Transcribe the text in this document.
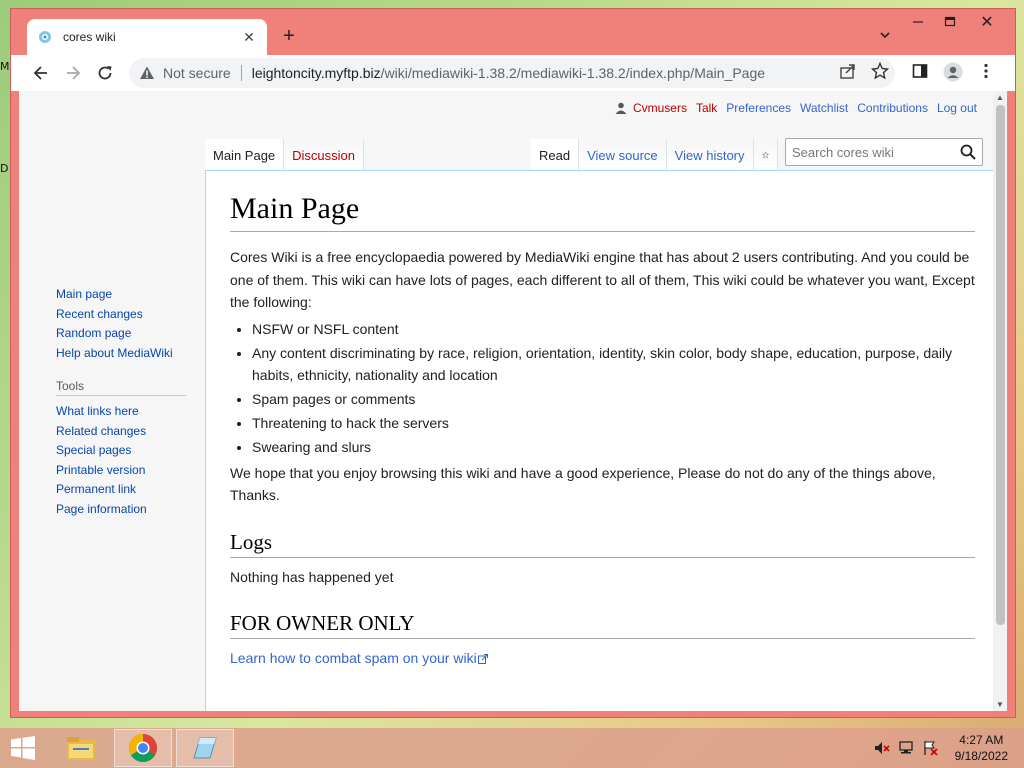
M
D
cores wiki	✕ +
✕
Not secure leightoncity.myftp.biz /wiki/mediawiki-1.38.2/mediawiki-1.38.2/index.php/Main_Page
Cvmusers Talk Preferences Watchlist Contributions Log out
Main Page	Discussion	Read	View source	View history
Search cores wiki
Main page
Recent changes
Random page
Help about MediaWiki
Tools
What links here
Related changes
Special pages
Printable version
Permanent link
Page information
Main Page

Cores Wiki is a free encyclopaedia powered by MediaWiki engine that has about 2 users contributing. And you could be one of them. This wiki can have lots of pages, each different to all of them, This wiki could be whatever you want, Except the following:

• NSFW or NSFL content
• Any content discriminating by race, religion, orientation, identity, skin color, body shape, education, purpose, daily habits, ethnicity, nationality and location
• Spam pages or comments
• Threatening to hack the servers
• Swearing and slurs

We hope that you enjoy browsing this wiki and have a good experience, Please do not do any of the things above, Thanks.

Logs

Nothing has happened yet

FOR OWNER ONLY

Learn how to combat spam on your wiki

▲
▼
4:27 AM
9/18/2022
